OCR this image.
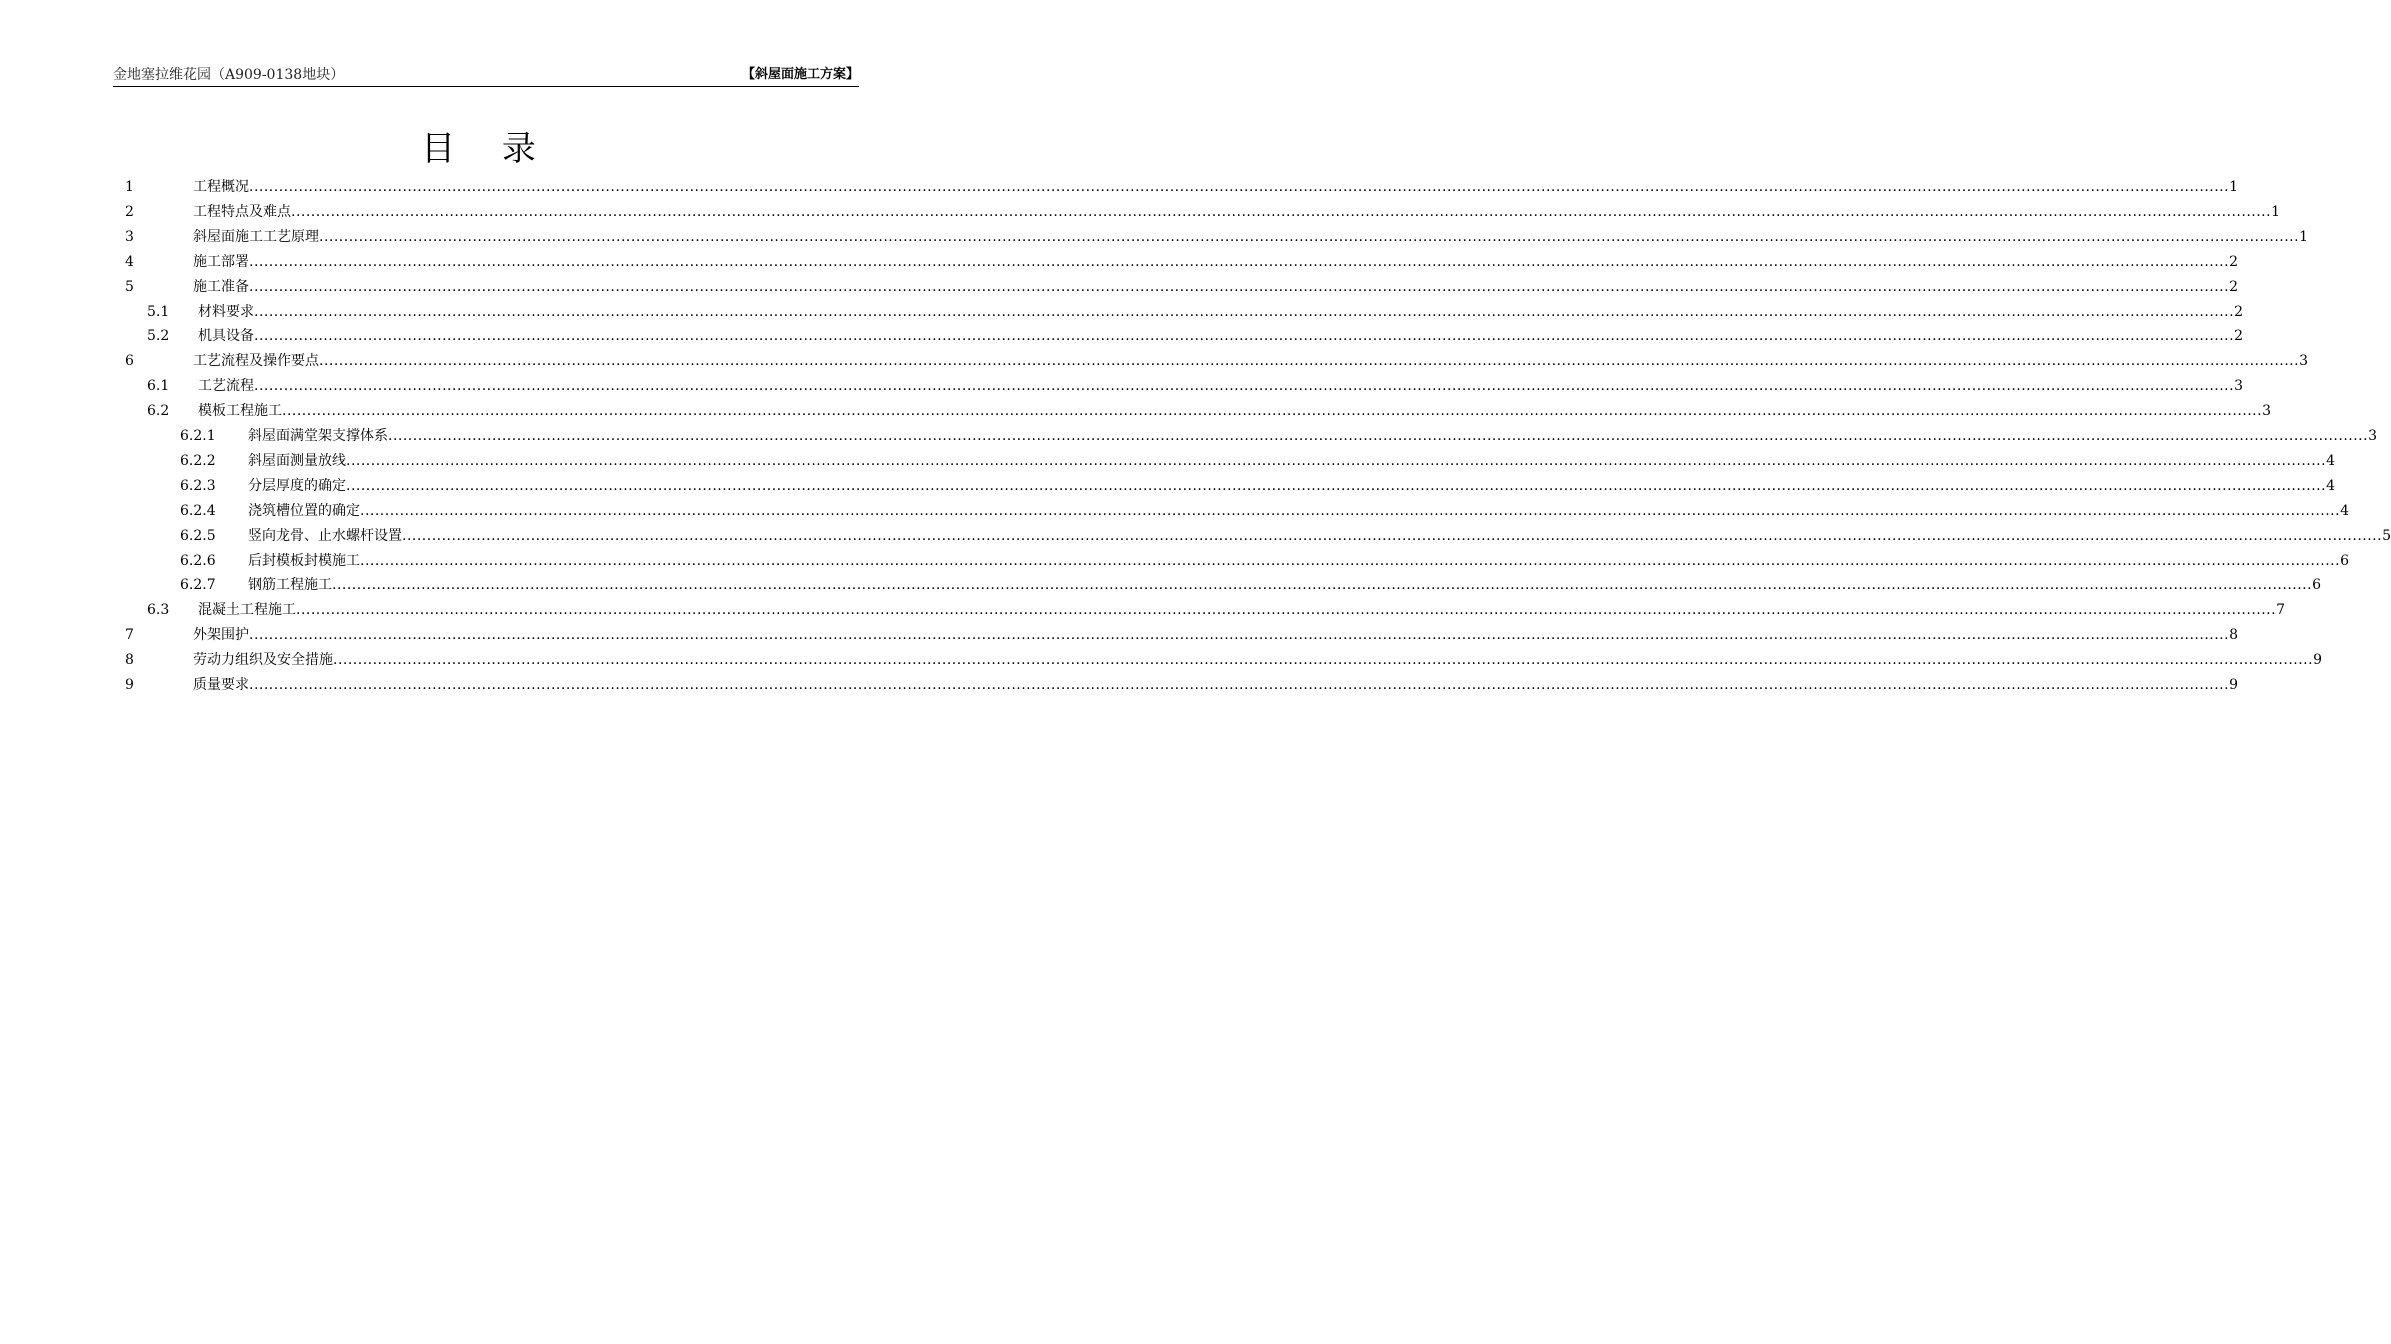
金地塞拉维花园（A909-0138地块）	【斜屋面施工方案】
目 录
1	工程概况 ................................................................................................................................................................................................................................................................................................................................................................................................................ 1
2	工程特点及难点 ................................................................................................................................................................................................................................................................................................................................................................................................................ 1
3	斜屋面施工工艺原理 ................................................................................................................................................................................................................................................................................................................................................................................................................ 1
4	施工部署 ................................................................................................................................................................................................................................................................................................................................................................................................................ 2
5	施工准备 ................................................................................................................................................................................................................................................................................................................................................................................................................ 2
5.1	材料要求 ................................................................................................................................................................................................................................................................................................................................................................................................................ 2
5.2	机具设备 ................................................................................................................................................................................................................................................................................................................................................................................................................ 2
6	工艺流程及操作要点 ................................................................................................................................................................................................................................................................................................................................................................................................................ 3
6.1	工艺流程 ................................................................................................................................................................................................................................................................................................................................................................................................................ 3
6.2	模板工程施工 ................................................................................................................................................................................................................................................................................................................................................................................................................ 3
6.2.1	斜屋面满堂架支撑体系 ................................................................................................................................................................................................................................................................................................................................................................................................................ 3
6.2.2	斜屋面测量放线 ................................................................................................................................................................................................................................................................................................................................................................................................................ 4
6.2.3	分层厚度的确定 ................................................................................................................................................................................................................................................................................................................................................................................................................ 4
6.2.4	浇筑槽位置的确定 ................................................................................................................................................................................................................................................................................................................................................................................................................ 4
6.2.5	竖向龙骨、止水螺杆设置 ................................................................................................................................................................................................................................................................................................................................................................................................................ 5
6.2.6	后封模板封模施工 ................................................................................................................................................................................................................................................................................................................................................................................................................ 6
6.2.7	钢筋工程施工 ................................................................................................................................................................................................................................................................................................................................................................................................................ 6
6.3	混凝土工程施工 ................................................................................................................................................................................................................................................................................................................................................................................................................ 7
7	外架围护 ................................................................................................................................................................................................................................................................................................................................................................................................................ 8
8	劳动力组织及安全措施 ................................................................................................................................................................................................................................................................................................................................................................................................................ 9
9	质量要求 ................................................................................................................................................................................................................................................................................................................................................................................................................ 9
